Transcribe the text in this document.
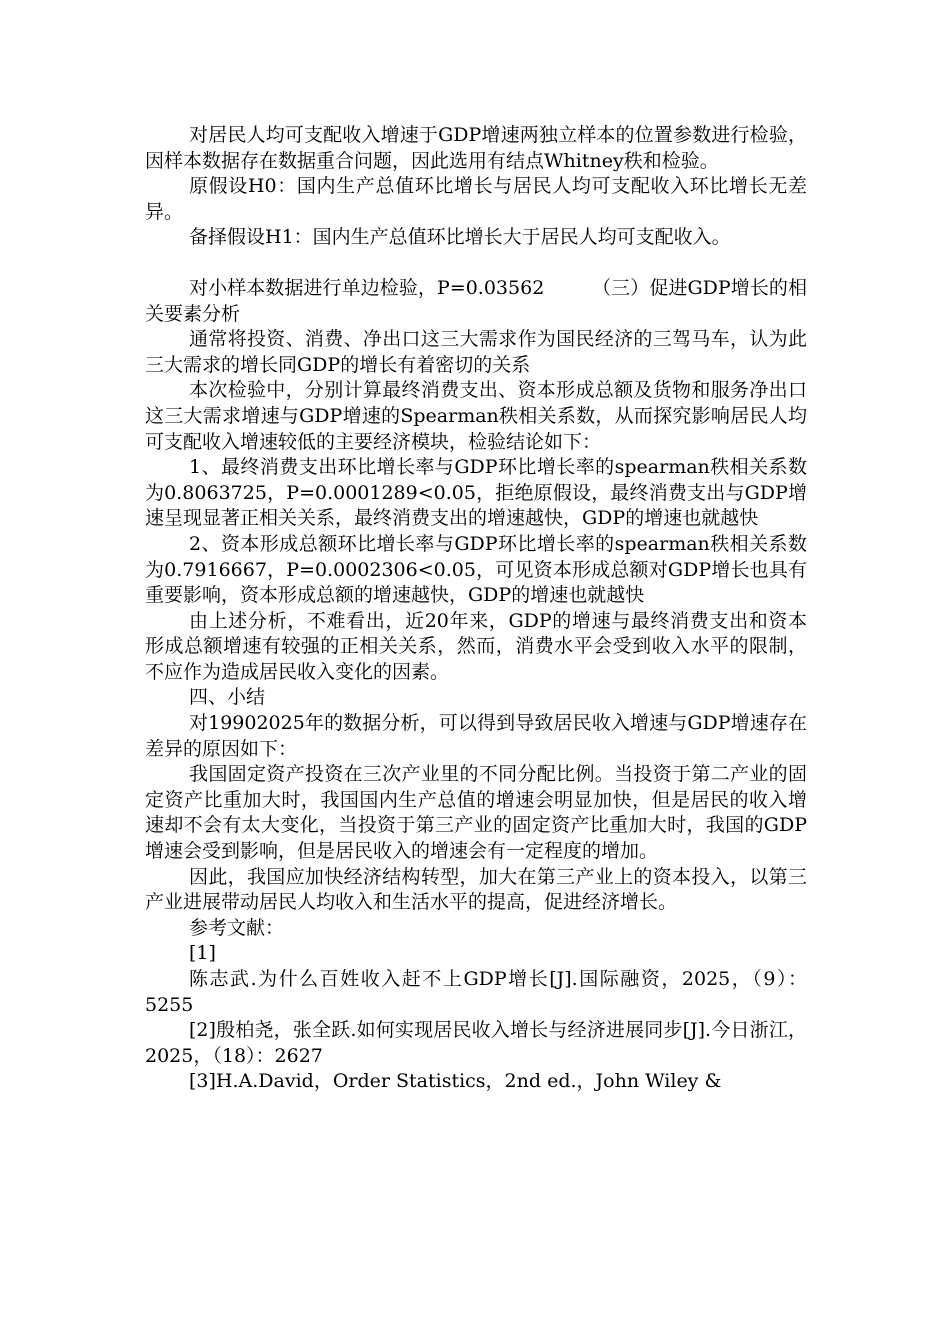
对居民人均可支配收入增速于GDP增速两独立样本的位置参数进行检验，因样本数据存在数据重合问题，因此选用有结点Whitney秩和检验。

原假设H0：国内生产总值环比增长与居民人均可支配收入环比增长无差异。

备择假设H1：国内生产总值环比增长大于居民人均可支配收入。

对小样本数据进行单边检验，P=0.03562　　　（三）促进GDP增长的相关要素分析

通常将投资、消费、净出口这三大需求作为国民经济的三驾马车，认为此三大需求的增长同GDP的增长有着密切的关系

本次检验中，分别计算最终消费支出、资本形成总额及货物和服务净出口这三大需求增速与GDP增速的Spearman秩相关系数，从而探究影响居民人均可支配收入增速较低的主要经济模块，检验结论如下：

1、最终消费支出环比增长率与GDP环比增长率的spearman秩相关系数为0.8063725，P=0.0001289<0.05，拒绝原假设，最终消费支出与GDP增速呈现显著正相关关系，最终消费支出的增速越快，GDP的增速也就越快

2、资本形成总额环比增长率与GDP环比增长率的spearman秩相关系数为0.7916667，P=0.0002306<0.05，可见资本形成总额对GDP增长也具有重要影响，资本形成总额的增速越快，GDP的增速也就越快

由上述分析，不难看出，近20年来，GDP的增速与最终消费支出和资本形成总额增速有较强的正相关关系，然而，消费水平会受到收入水平的限制，不应作为造成居民收入变化的因素。

四、小结

对19902025年的数据分析，可以得到导致居民收入增速与GDP增速存在差异的原因如下：

我国固定资产投资在三次产业里的不同分配比例。当投资于第二产业的固定资产比重加大时，我国国内生产总值的增速会明显加快，但是居民的收入增速却不会有太大变化，当投资于第三产业的固定资产比重加大时，我国的GDP增速会受到影响，但是居民收入的增速会有一定程度的增加。

因此，我国应加快经济结构转型，加大在第三产业上的资本投入，以第三产业进展带动居民人均收入和生活水平的提高，促进经济增长。

参考文献：

[1]

陈志武.为什么百姓收入赶不上GDP增长[J].国际融资，2025，（9）：5255

[2]殷柏尧，张全跃.如何实现居民收入增长与经济进展同步[J].今日浙江，2025，（18）：2627

[3]H.A.David，Order Statistics，2nd ed.，John Wiley &
